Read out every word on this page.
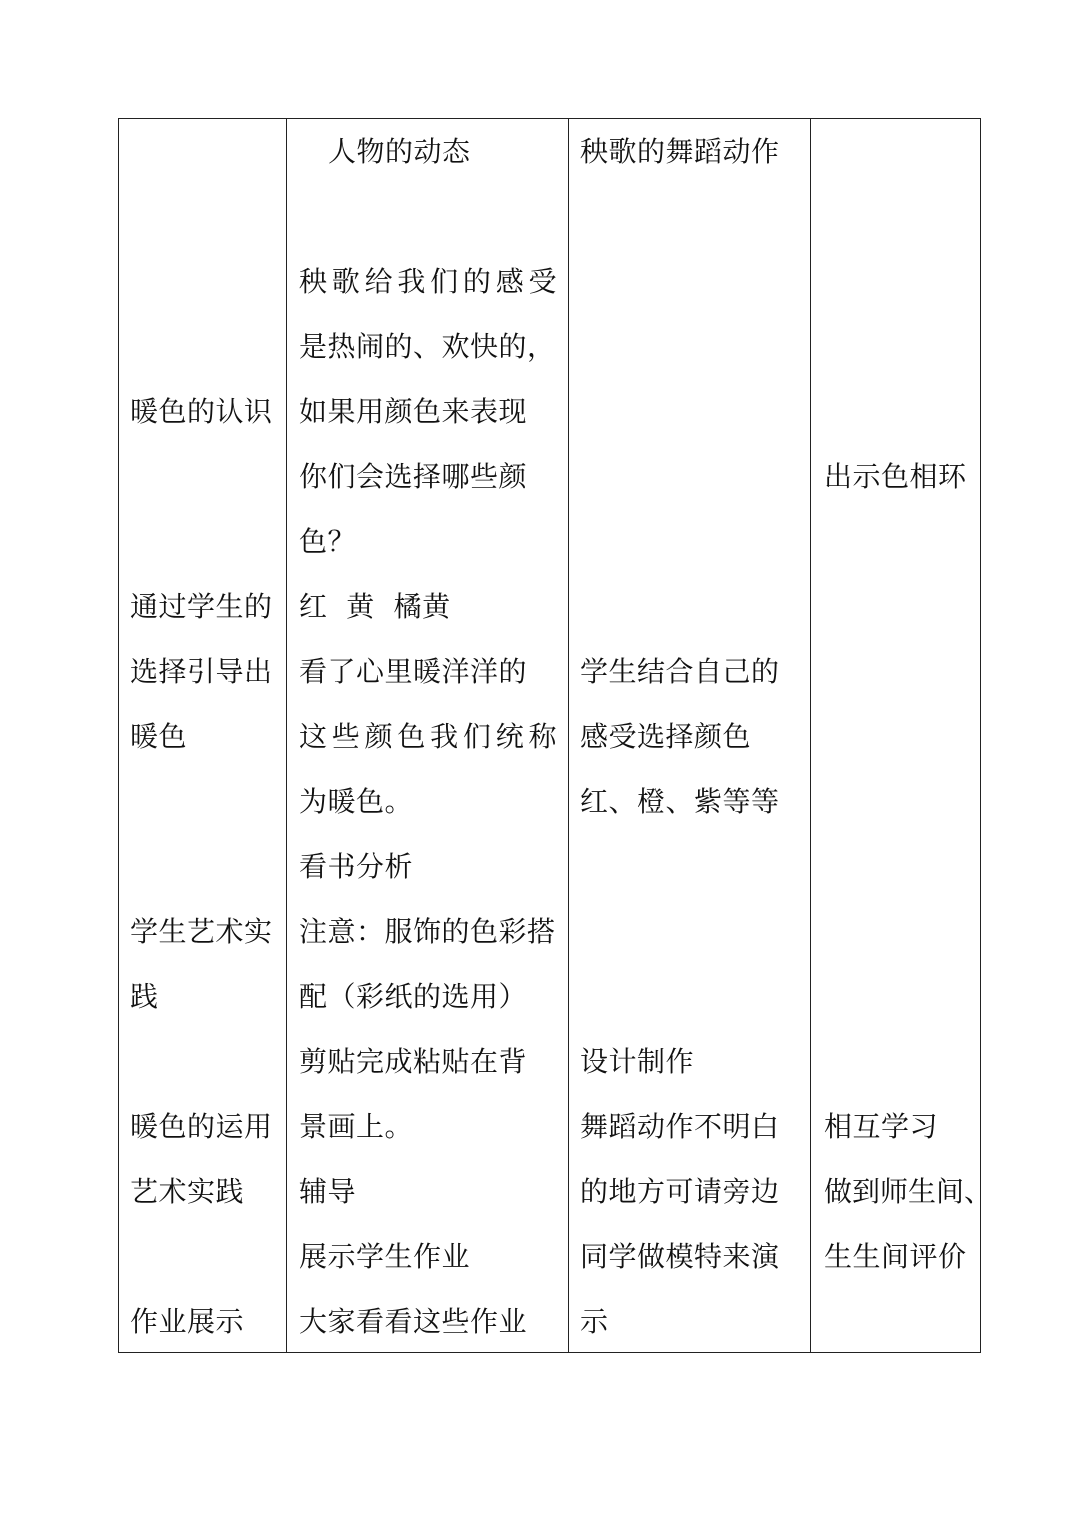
暖色的认识
通过学生的
选择引导出
暖色
学生艺术实
践
暖色的运用
艺术实践
作业展示
人物的动态
秧歌给我们的感受
是热闹的、欢快的，
如果用颜色来表现
你们会选择哪些颜
色？
红  黄  橘黄
看了心里暖洋洋的
这些颜色我们统称
为暖色。
看书分析
注意：服饰的色彩搭
配（彩纸的选用）
剪贴完成粘贴在背
景画上。
辅导
展示学生作业
大家看看这些作业
秧歌的舞蹈动作
学生结合自己的
感受选择颜色
红、橙、紫等等
设计制作
舞蹈动作不明白
的地方可请旁边
同学做模特来演
示
出示色相环
相互学习
做到师生间、
生生间评价
